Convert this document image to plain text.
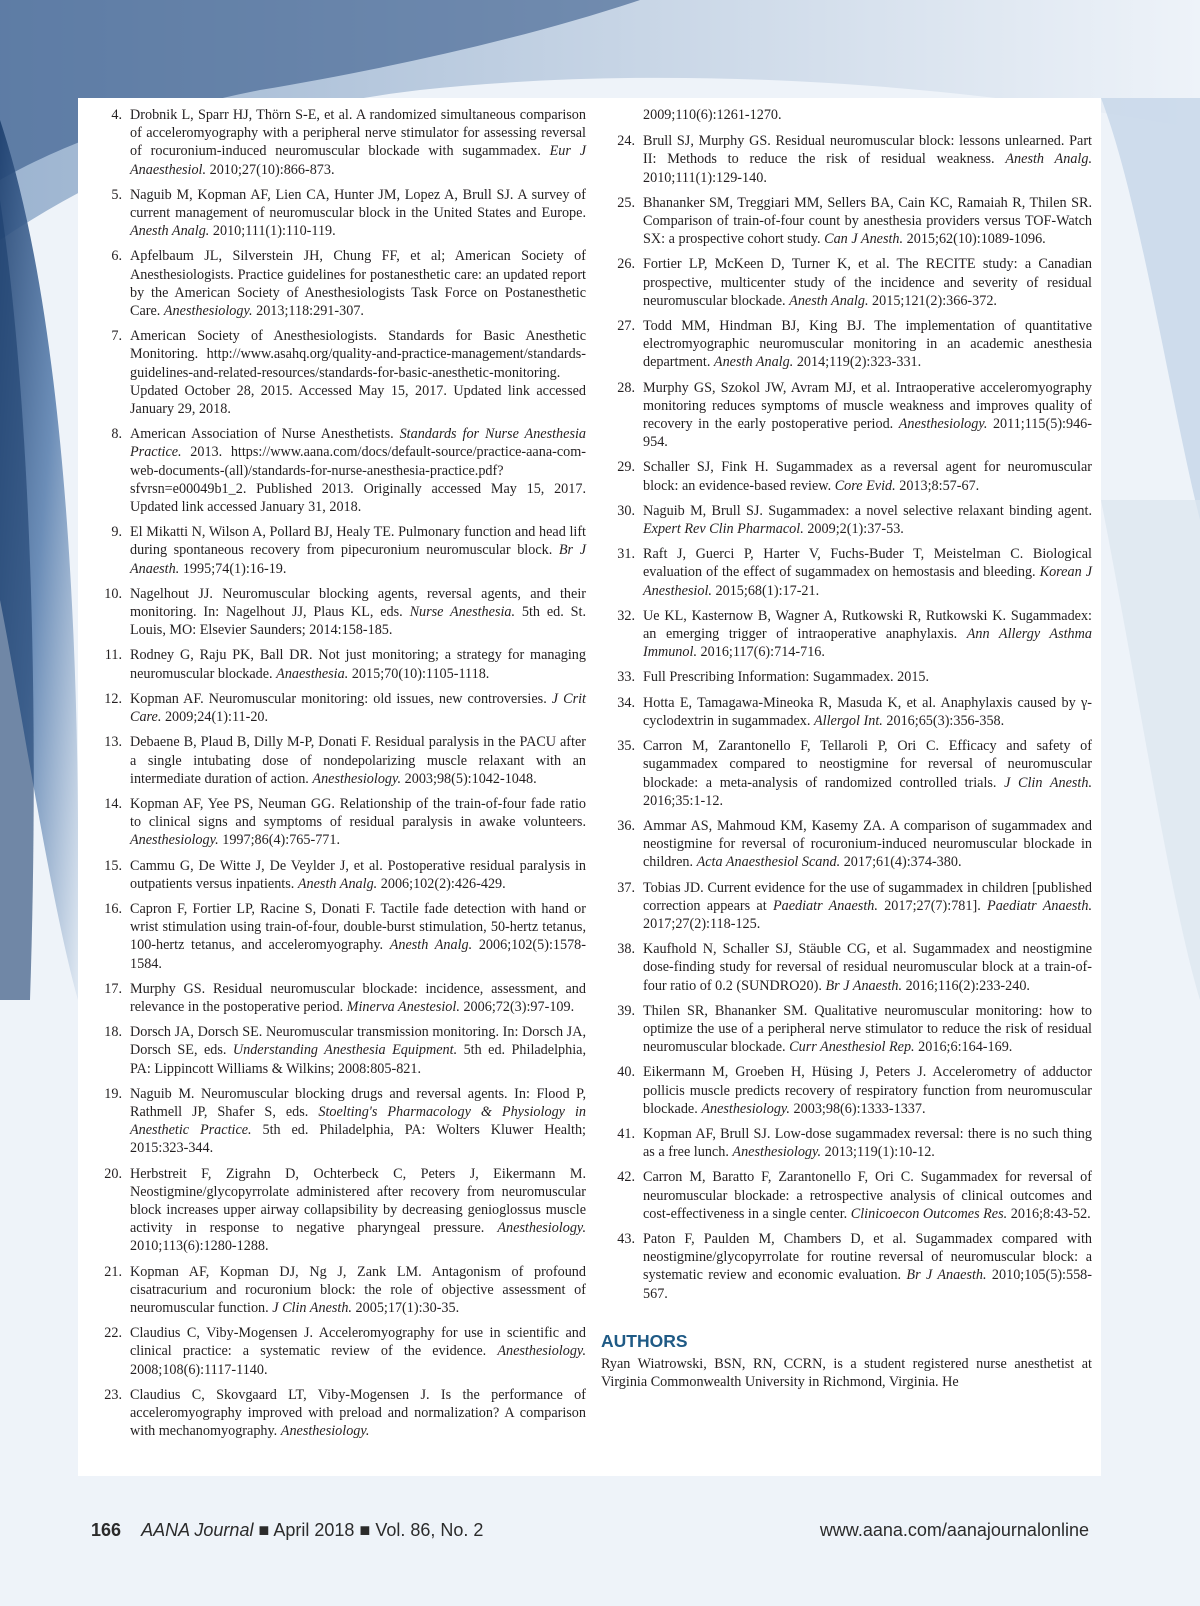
4. Drobnik L, Sparr HJ, Thörn S-E, et al. A randomized simultaneous comparison of acceleromyography with a peripheral nerve stimulator for assessing reversal of rocuronium-induced neuromuscular blockade with sugammadex. Eur J Anaesthesiol. 2010;27(10):866-873.
5. Naguib M, Kopman AF, Lien CA, Hunter JM, Lopez A, Brull SJ. A survey of current management of neuromuscular block in the United States and Europe. Anesth Analg. 2010;111(1):110-119.
6. Apfelbaum JL, Silverstein JH, Chung FF, et al; American Society of Anesthesiologists. Practice guidelines for postanesthetic care: an updated report by the American Society of Anesthesiologists Task Force on Postanesthetic Care. Anesthesiology. 2013;118:291-307.
7. American Society of Anesthesiologists. Standards for Basic Anesthetic Monitoring. http://www.asahq.org/quality-and-practice-management/standards-guidelines-and-related-resources/standards-for-basic-anesthetic-monitoring. Updated October 28, 2015. Accessed May 15, 2017. Updated link accessed January 29, 2018.
8. American Association of Nurse Anesthetists. Standards for Nurse Anesthesia Practice. 2013. https://www.aana.com/docs/default-source/practice-aana-com-web-documents-(all)/standards-for-nurse-anesthesia-practice.pdf?sfvrsn=e00049b1_2. Published 2013. Originally accessed May 15, 2017. Updated link accessed January 31, 2018.
9. El Mikatti N, Wilson A, Pollard BJ, Healy TE. Pulmonary function and head lift during spontaneous recovery from pipecuronium neuromuscular block. Br J Anaesth. 1995;74(1):16-19.
10. Nagelhout JJ. Neuromuscular blocking agents, reversal agents, and their monitoring. In: Nagelhout JJ, Plaus KL, eds. Nurse Anesthesia. 5th ed. St. Louis, MO: Elsevier Saunders; 2014:158-185.
11. Rodney G, Raju PK, Ball DR. Not just monitoring; a strategy for managing neuromuscular blockade. Anaesthesia. 2015;70(10):1105-1118.
12. Kopman AF. Neuromuscular monitoring: old issues, new controversies. J Crit Care. 2009;24(1):11-20.
13. Debaene B, Plaud B, Dilly M-P, Donati F. Residual paralysis in the PACU after a single intubating dose of nondepolarizing muscle relaxant with an intermediate duration of action. Anesthesiology. 2003;98(5):1042-1048.
14. Kopman AF, Yee PS, Neuman GG. Relationship of the train-of-four fade ratio to clinical signs and symptoms of residual paralysis in awake volunteers. Anesthesiology. 1997;86(4):765-771.
15. Cammu G, De Witte J, De Veylder J, et al. Postoperative residual paralysis in outpatients versus inpatients. Anesth Analg. 2006;102(2):426-429.
16. Capron F, Fortier LP, Racine S, Donati F. Tactile fade detection with hand or wrist stimulation using train-of-four, double-burst stimulation, 50-hertz tetanus, 100-hertz tetanus, and acceleromyography. Anesth Analg. 2006;102(5):1578-1584.
17. Murphy GS. Residual neuromuscular blockade: incidence, assessment, and relevance in the postoperative period. Minerva Anestesiol. 2006;72(3):97-109.
18. Dorsch JA, Dorsch SE. Neuromuscular transmission monitoring. In: Dorsch JA, Dorsch SE, eds. Understanding Anesthesia Equipment. 5th ed. Philadelphia, PA: Lippincott Williams & Wilkins; 2008:805-821.
19. Naguib M. Neuromuscular blocking drugs and reversal agents. In: Flood P, Rathmell JP, Shafer S, eds. Stoelting's Pharmacology & Physiology in Anesthetic Practice. 5th ed. Philadelphia, PA: Wolters Kluwer Health; 2015:323-344.
20. Herbstreit F, Zigrahn D, Ochterbeck C, Peters J, Eikermann M. Neostigmine/glycopyrrolate administered after recovery from neuromuscular block increases upper airway collapsibility by decreasing genioglossus muscle activity in response to negative pharyngeal pressure. Anesthesiology. 2010;113(6):1280-1288.
21. Kopman AF, Kopman DJ, Ng J, Zank LM. Antagonism of profound cisatracurium and rocuronium block: the role of objective assessment of neuromuscular function. J Clin Anesth. 2005;17(1):30-35.
22. Claudius C, Viby-Mogensen J. Acceleromyography for use in scientific and clinical practice: a systematic review of the evidence. Anesthesiology. 2008;108(6):1117-1140.
23. Claudius C, Skovgaard LT, Viby-Mogensen J. Is the performance of acceleromyography improved with preload and normalization? A comparison with mechanomyography. Anesthesiology.
2009;110(6):1261-1270.
24. Brull SJ, Murphy GS. Residual neuromuscular block: lessons unlearned. Part II: Methods to reduce the risk of residual weakness. Anesth Analg. 2010;111(1):129-140.
25. Bhananker SM, Treggiari MM, Sellers BA, Cain KC, Ramaiah R, Thilen SR. Comparison of train-of-four count by anesthesia providers versus TOF-Watch SX: a prospective cohort study. Can J Anesth. 2015;62(10):1089-1096.
26. Fortier LP, McKeen D, Turner K, et al. The RECITE study: a Canadian prospective, multicenter study of the incidence and severity of residual neuromuscular blockade. Anesth Analg. 2015;121(2):366-372.
27. Todd MM, Hindman BJ, King BJ. The implementation of quantitative electromyographic neuromuscular monitoring in an academic anesthesia department. Anesth Analg. 2014;119(2):323-331.
28. Murphy GS, Szokol JW, Avram MJ, et al. Intraoperative acceleromyography monitoring reduces symptoms of muscle weakness and improves quality of recovery in the early postoperative period. Anesthesiology. 2011;115(5):946-954.
29. Schaller SJ, Fink H. Sugammadex as a reversal agent for neuromuscular block: an evidence-based review. Core Evid. 2013;8:57-67.
30. Naguib M, Brull SJ. Sugammadex: a novel selective relaxant binding agent. Expert Rev Clin Pharmacol. 2009;2(1):37-53.
31. Raft J, Guerci P, Harter V, Fuchs-Buder T, Meistelman C. Biological evaluation of the effect of sugammadex on hemostasis and bleeding. Korean J Anesthesiol. 2015;68(1):17-21.
32. Ue KL, Kasternow B, Wagner A, Rutkowski R, Rutkowski K. Sugammadex: an emerging trigger of intraoperative anaphylaxis. Ann Allergy Asthma Immunol. 2016;117(6):714-716.
33. Full Prescribing Information: Sugammadex. 2015.
34. Hotta E, Tamagawa-Mineoka R, Masuda K, et al. Anaphylaxis caused by γ-cyclodextrin in sugammadex. Allergol Int. 2016;65(3):356-358.
35. Carron M, Zarantonello F, Tellaroli P, Ori C. Efficacy and safety of sugammadex compared to neostigmine for reversal of neuromuscular blockade: a meta-analysis of randomized controlled trials. J Clin Anesth. 2016;35:1-12.
36. Ammar AS, Mahmoud KM, Kasemy ZA. A comparison of sugammadex and neostigmine for reversal of rocuronium-induced neuromuscular blockade in children. Acta Anaesthesiol Scand. 2017;61(4):374-380.
37. Tobias JD. Current evidence for the use of sugammadex in children [published correction appears at Paediatr Anaesth. 2017;27(7):781]. Paediatr Anaesth. 2017;27(2):118-125.
38. Kaufhold N, Schaller SJ, Stäuble CG, et al. Sugammadex and neostigmine dose-finding study for reversal of residual neuromuscular block at a train-of-four ratio of 0.2 (SUNDRO20). Br J Anaesth. 2016;116(2):233-240.
39. Thilen SR, Bhananker SM. Qualitative neuromuscular monitoring: how to optimize the use of a peripheral nerve stimulator to reduce the risk of residual neuromuscular blockade. Curr Anesthesiol Rep. 2016;6:164-169.
40. Eikermann M, Groeben H, Hüsing J, Peters J. Accelerometry of adductor pollicis muscle predicts recovery of respiratory function from neuromuscular blockade. Anesthesiology. 2003;98(6):1333-1337.
41. Kopman AF, Brull SJ. Low-dose sugammadex reversal: there is no such thing as a free lunch. Anesthesiology. 2013;119(1):10-12.
42. Carron M, Baratto F, Zarantonello F, Ori C. Sugammadex for reversal of neuromuscular blockade: a retrospective analysis of clinical outcomes and cost-effectiveness in a single center. Clinicoecon Outcomes Res. 2016;8:43-52.
43. Paton F, Paulden M, Chambers D, et al. Sugammadex compared with neostigmine/glycopyrrolate for routine reversal of neuromuscular block: a systematic review and economic evaluation. Br J Anaesth. 2010;105(5):558-567.
AUTHORS
Ryan Wiatrowski, BSN, RN, CCRN, is a student registered nurse anesthetist at Virginia Commonwealth University in Richmond, Virginia. He
166 AANA Journal ■ April 2018 ■ Vol. 86, No. 2	www.aana.com/aanajournalonline
